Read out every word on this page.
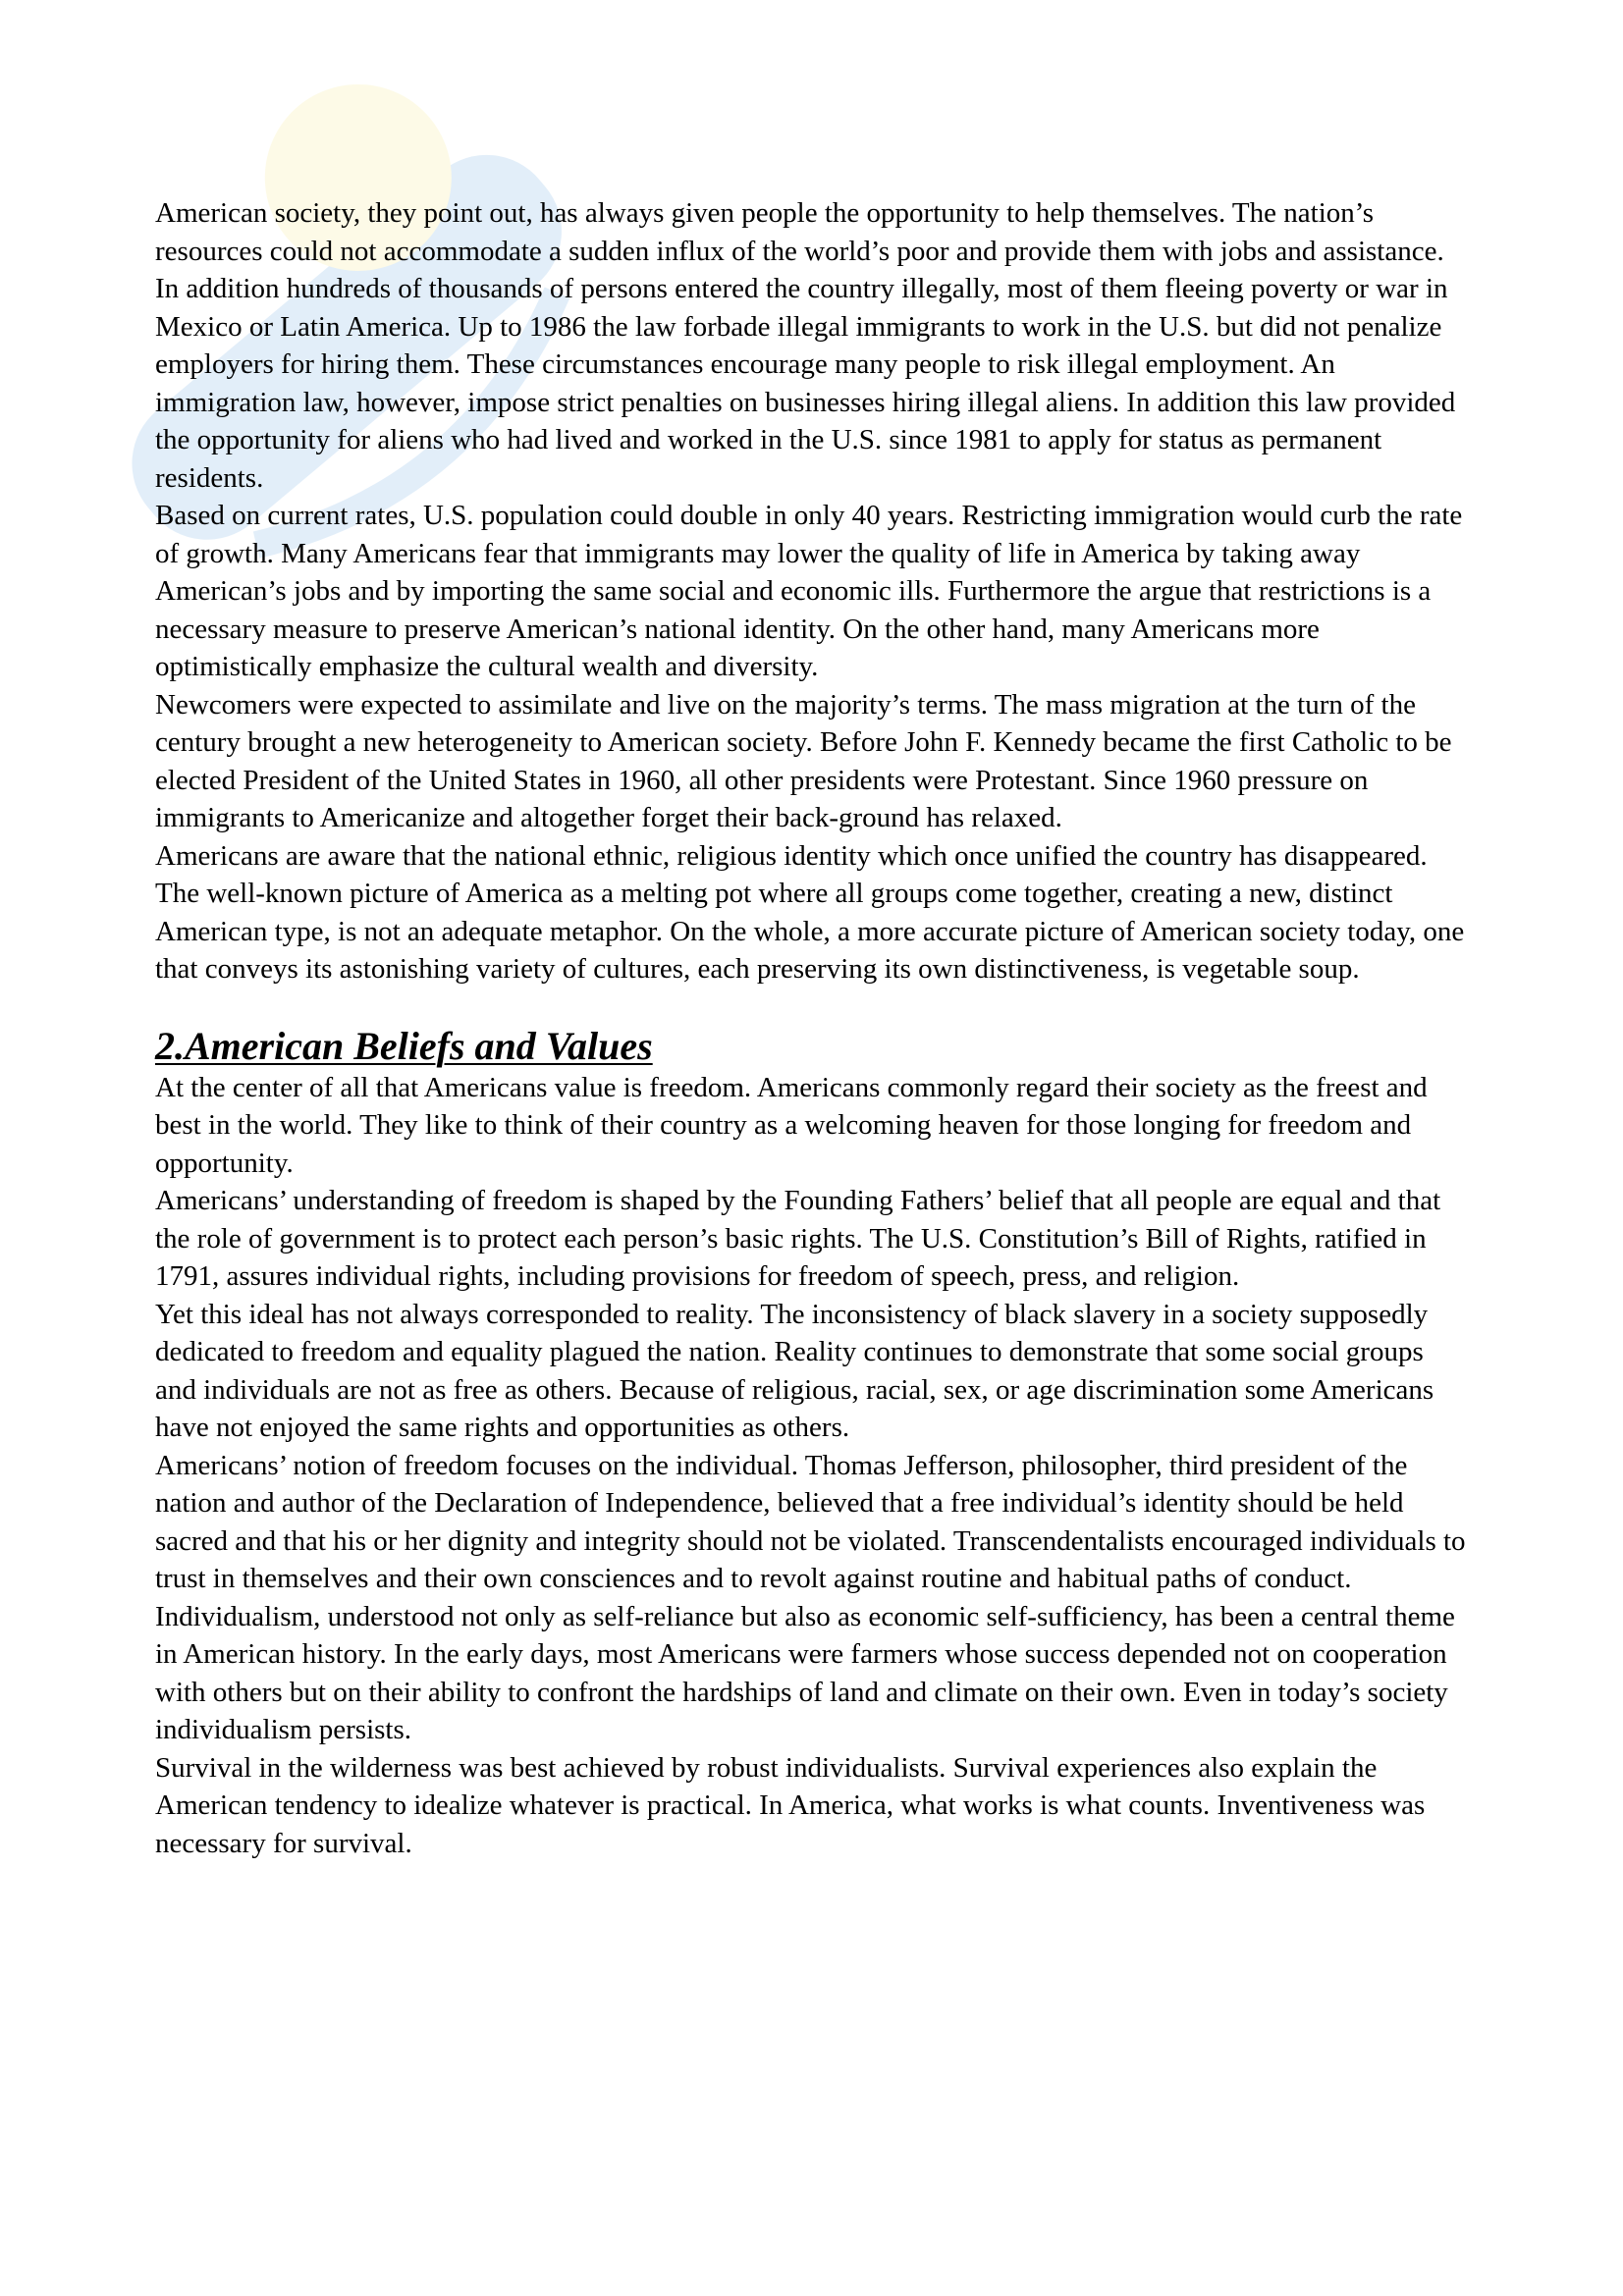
American society, they point out, has always given people the opportunity to help themselves. The nation’s resources could not accommodate a sudden influx of the world’s poor and provide them with jobs and assistance.

In addition hundreds of thousands of persons entered the country illegally, most of them fleeing poverty or war in Mexico or Latin America. Up to 1986 the law forbade illegal immigrants to work in the U.S. but did not penalize employers for hiring them. These circumstances encourage many people to risk illegal employment. An immigration law, however, impose strict penalties on businesses hiring illegal aliens. In addition this law provided the opportunity for aliens who had lived and worked in the U.S. since 1981 to apply for status as permanent residents.

Based on current rates, U.S. population could double in only 40 years. Restricting immigration would curb the rate of growth. Many Americans fear that immigrants may lower the quality of life in America by taking away American’s jobs and by importing the same social and economic ills. Furthermore the argue that restrictions is a necessary measure to preserve American’s national identity. On the other hand, many Americans more optimistically emphasize the cultural wealth and diversity.

Newcomers were expected to assimilate and live on the majority’s terms. The mass migration at the turn of the century brought a new heterogeneity to American society. Before John F. Kennedy became the first Catholic to be elected President of the United States in 1960, all other presidents were Protestant. Since 1960 pressure on immigrants to Americanize and altogether forget their back-ground has relaxed.

Americans are aware that the national ethnic, religious identity which once unified the country has disappeared. The well-known picture of America as a melting pot where all groups come together, creating a new, distinct American type, is not an adequate metaphor. On the whole, a more accurate picture of American society today, one that conveys its astonishing variety of cultures, each preserving its own distinctiveness, is vegetable soup.

2.American Beliefs and Values

At the center of all that Americans value is freedom. Americans commonly regard their society as the freest and best in the world. They like to think of their country as a welcoming heaven for those longing for freedom and opportunity.

Americans’ understanding of freedom is shaped by the Founding Fathers’ belief that all people are equal and that the role of government is to protect each person’s basic rights. The U.S. Constitution’s Bill of Rights, ratified in 1791, assures individual rights, including provisions for freedom of speech, press, and religion.

Yet this ideal has not always corresponded to reality. The inconsistency of black slavery in a society supposedly dedicated to freedom and equality plagued the nation. Reality continues to demonstrate that some social groups and individuals are not as free as others. Because of religious, racial, sex, or age discrimination some Americans have not enjoyed the same rights and opportunities as others.

Americans’ notion of freedom focuses on the individual. Thomas Jefferson, philosopher, third president of the nation and author of the Declaration of Independence, believed that a free individual’s identity should be held sacred and that his or her dignity and integrity should not be violated. Transcendentalists encouraged individuals to trust in themselves and their own consciences and to revolt against routine and habitual paths of conduct.

Individualism, understood not only as self-reliance but also as economic self-sufficiency, has been a central theme in American history. In the early days, most Americans were farmers whose success depended not on cooperation with others but on their ability to confront the hardships of land and climate on their own. Even in today’s society individualism persists.

Survival in the wilderness was best achieved by robust individualists. Survival experiences also explain the American tendency to idealize whatever is practical. In America, what works is what counts. Inventiveness was necessary for survival.
